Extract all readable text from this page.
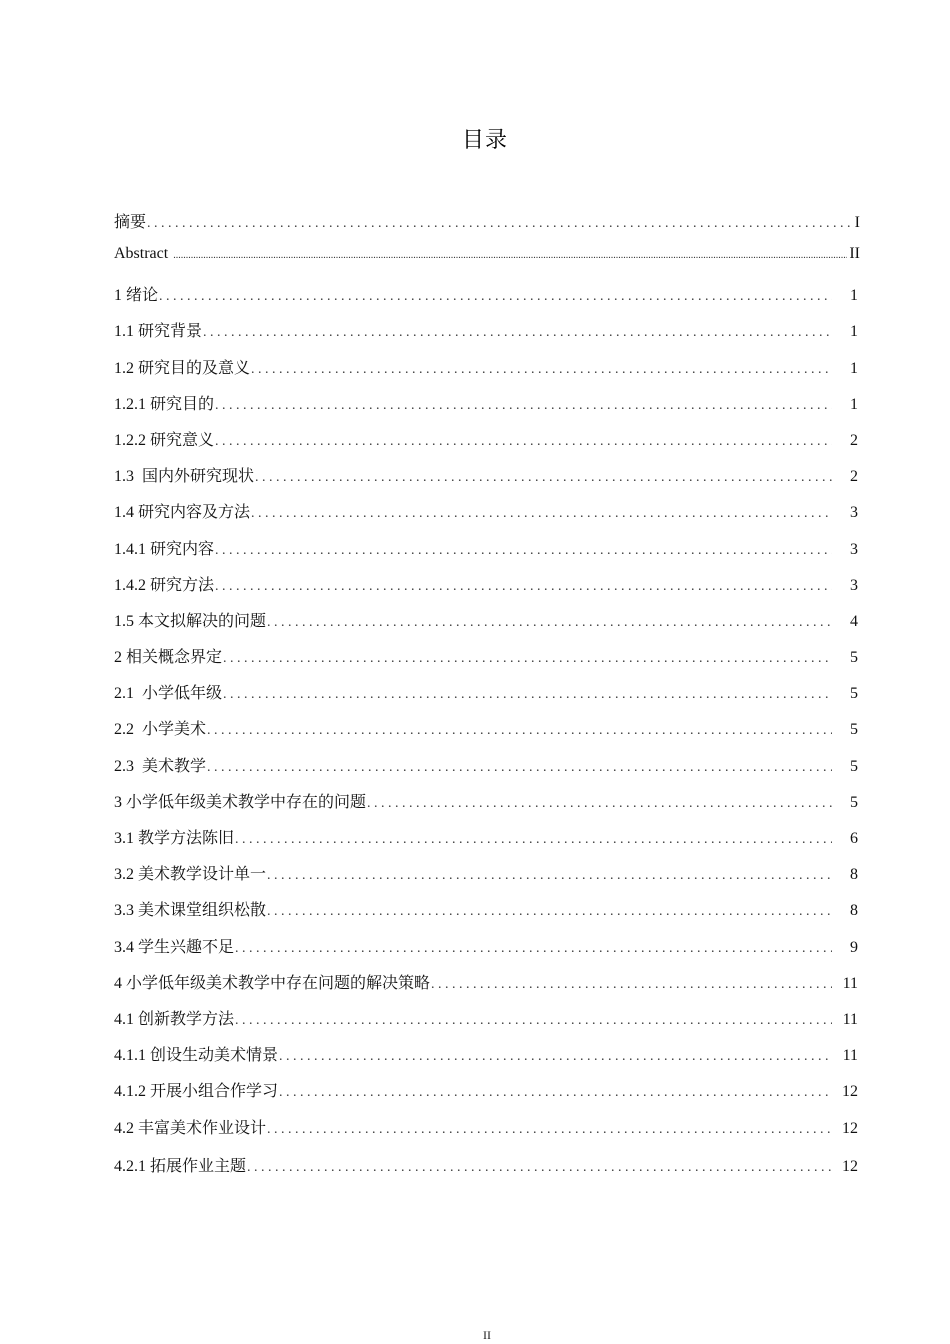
目录
摘要 . . .	I
Abstract .....	II
1 绪论 . . .	1
1.1 研究背景 . . .	1
1.2 研究目的及意义 . . .	1
1.2.1 研究目的 . . .	1
1.2.2 研究意义 . . .	2
1.3  国内外研究现状 . . .	2
1.4 研究内容及方法 . . .	3
1.4.1 研究内容 . . .	3
1.4.2 研究方法 . . .	3
1.5 本文拟解决的问题 . . .	4
2 相关概念界定 . . .	5
2.1  小学低年级 . . .	5
2.2  小学美术 . . .	5
2.3  美术教学 . . .	5
3 小学低年级美术教学中存在的问题 . . .	5
3.1 教学方法陈旧 . . .	6
3.2 美术教学设计单一 . . .	8
3.3 美术课堂组织松散 . . .	8
3.4 学生兴趣不足 . . .	9
4 小学低年级美术教学中存在问题的解决策略 . . .	11
4.1 创新教学方法 . . .	11
4.1.1 创设生动美术情景 . . .	11
4.1.2 开展小组合作学习 . . .	12
4.2 丰富美术作业设计 . . .	12
4.2.1 拓展作业主题 . . .	12
II
